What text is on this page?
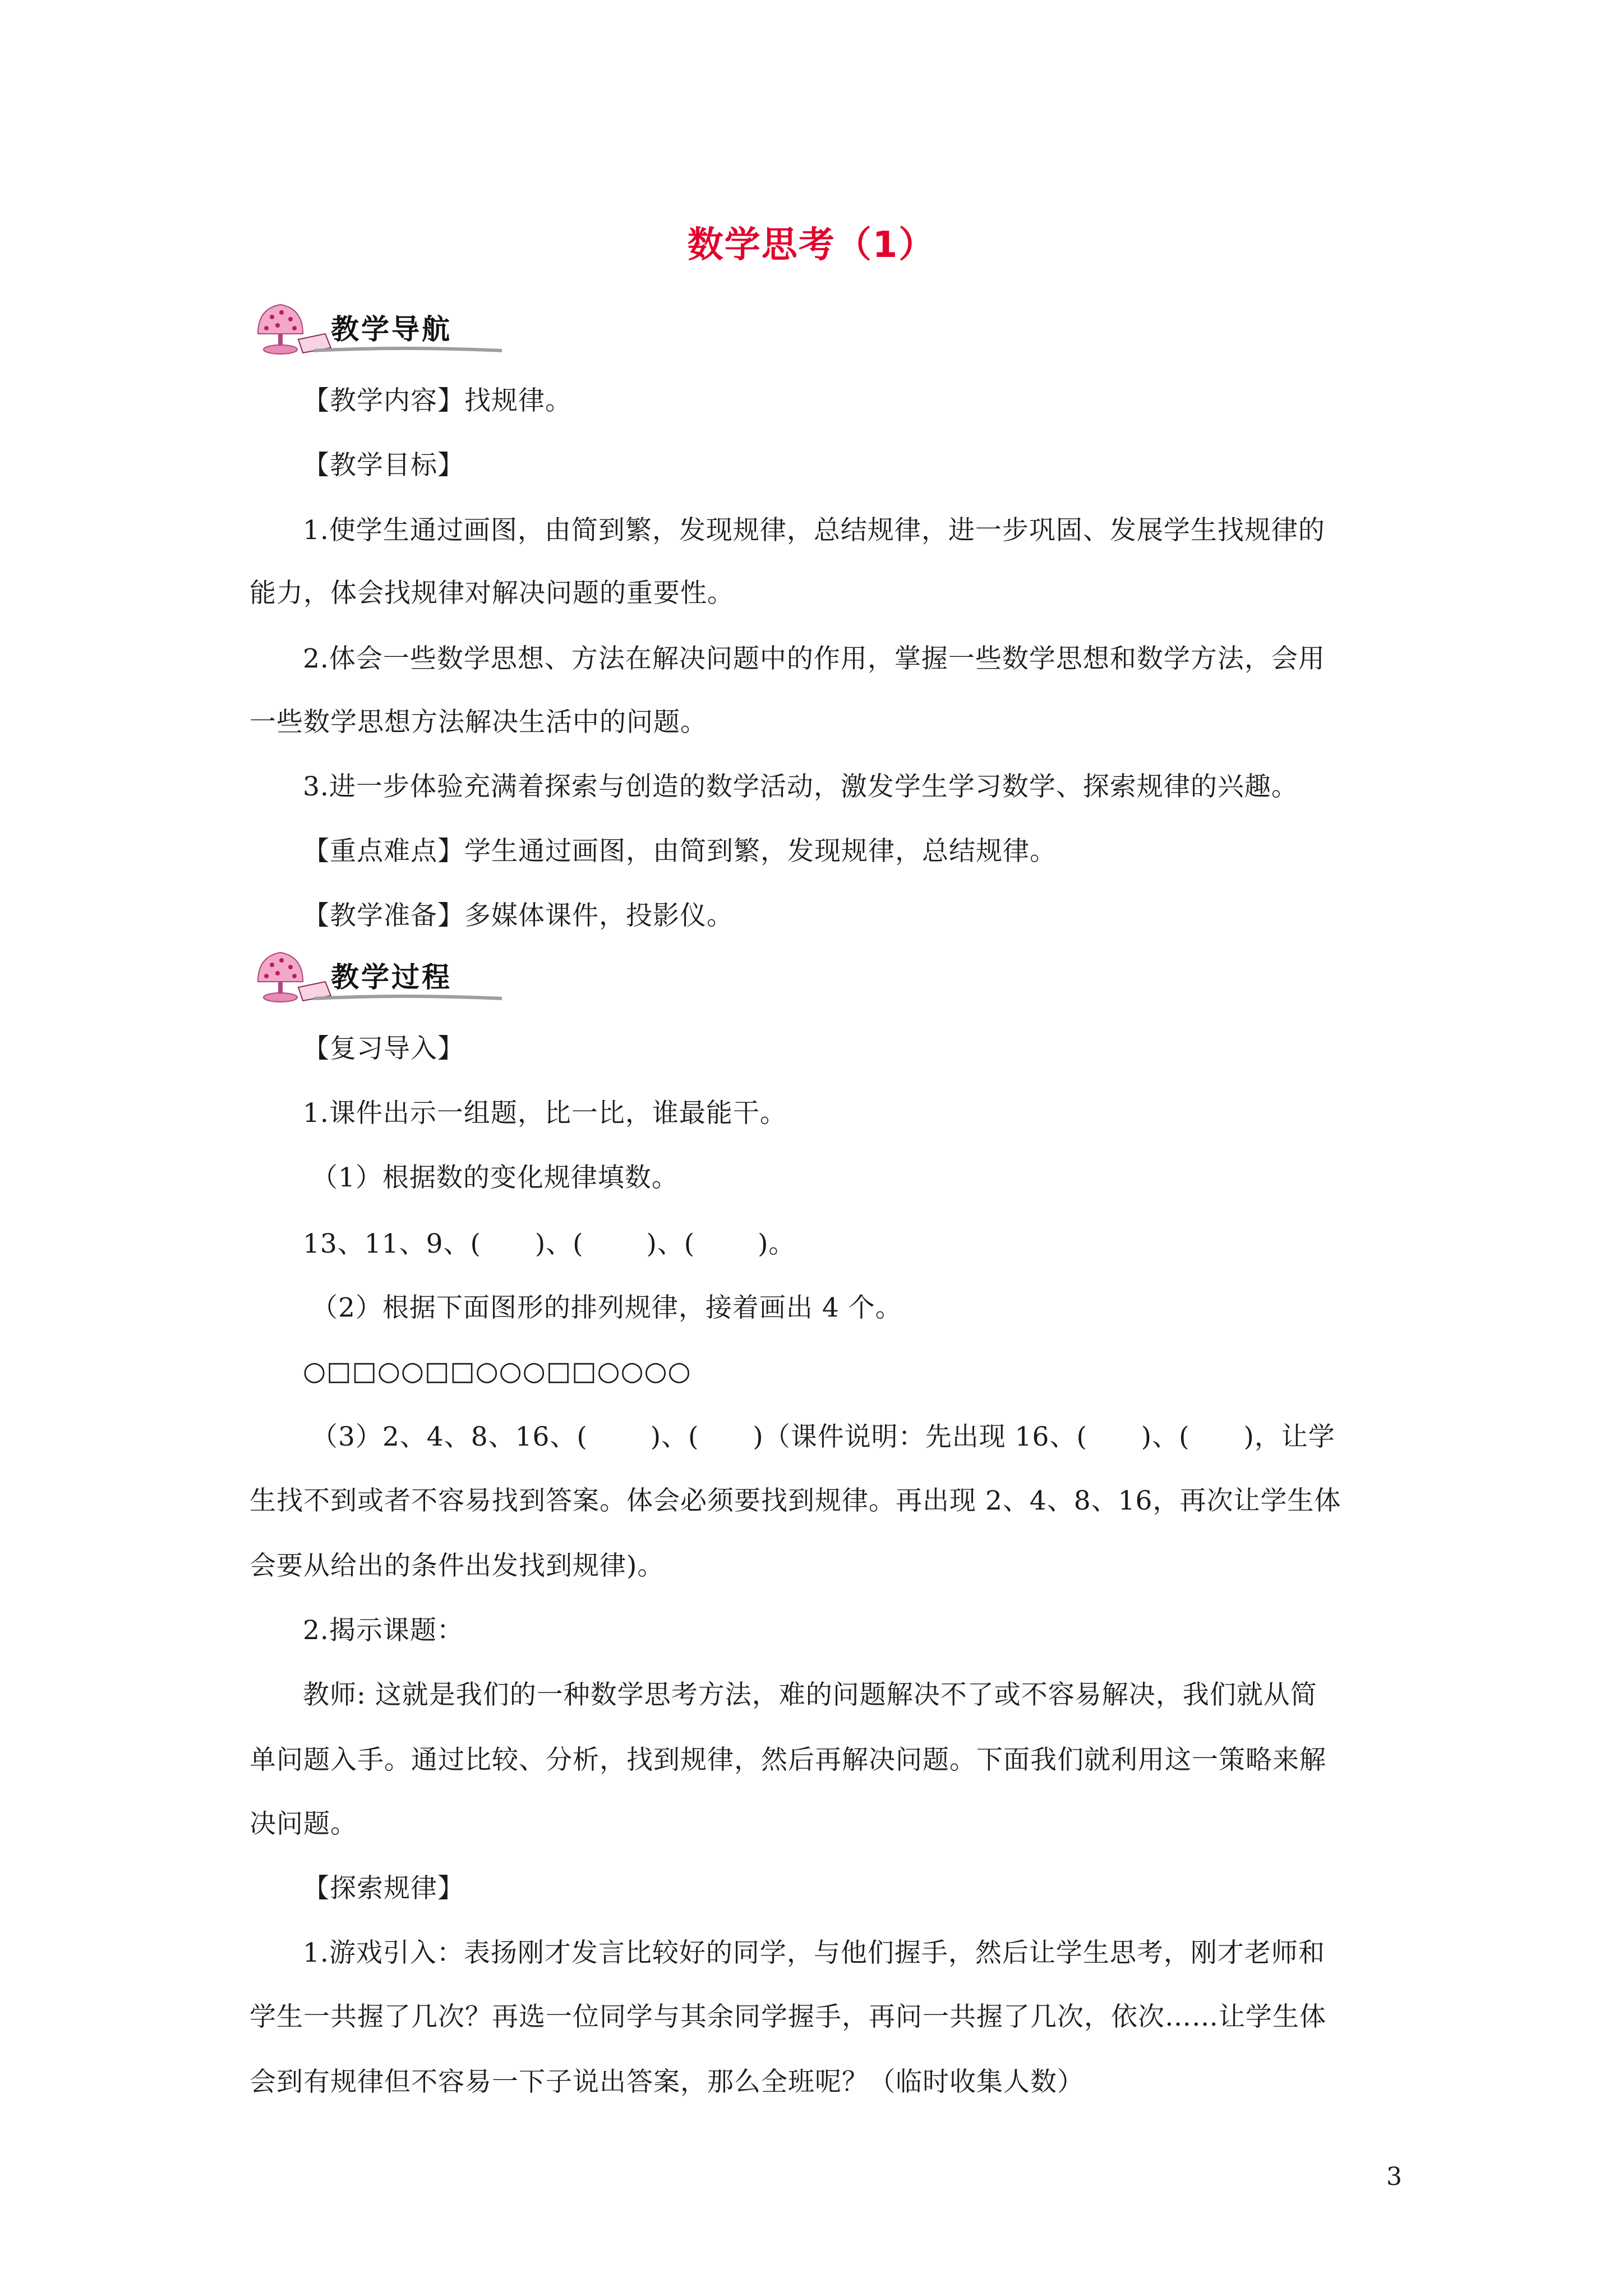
数学思考（1）
教学导航
教学过程
【教学内容】找规律。
【教学目标】
1.使学生通过画图，由简到繁，发现规律，总结规律，进一步巩固、发展学生找规律的
能力，体会找规律对解决问题的重要性。
2.体会一些数学思想、方法在解决问题中的作用，掌握一些数学思想和数学方法，会用
一些数学思想方法解决生活中的问题。
3.进一步体验充满着探索与创造的数学活动，激发学生学习数学、探索规律的兴趣。
【重点难点】学生通过画图，由简到繁，发现规律，总结规律。
【教学准备】多媒体课件，投影仪。
【复习导入】
1.课件出示一组题，比一比，谁最能干。
（1）根据数的变化规律填数。
13、11、9、(　　)、(　　 )、(　　 )。
（2）根据下面图形的排列规律，接着画出 4 个。
○□□○○□□○○○□□○○○○
（3）2、4、8、16、(　　 )、(　　)（课件说明：先出现 16、(　　)、(　　)，让学
生找不到或者不容易找到答案。体会必须要找到规律。再出现 2、4、8、16，再次让学生体
会要从给出的条件出发找到规律)。
2.揭示课题：
教师: 这就是我们的一种数学思考方法，难的问题解决不了或不容易解决，我们就从简
单问题入手。通过比较、分析，找到规律，然后再解决问题。下面我们就利用这一策略来解
决问题。
【探索规律】
1.游戏引入：表扬刚才发言比较好的同学，与他们握手，然后让学生思考，刚才老师和
学生一共握了几次？再选一位同学与其余同学握手，再问一共握了几次，依次……让学生体
会到有规律但不容易一下子说出答案，那么全班呢？（临时收集人数）
3
